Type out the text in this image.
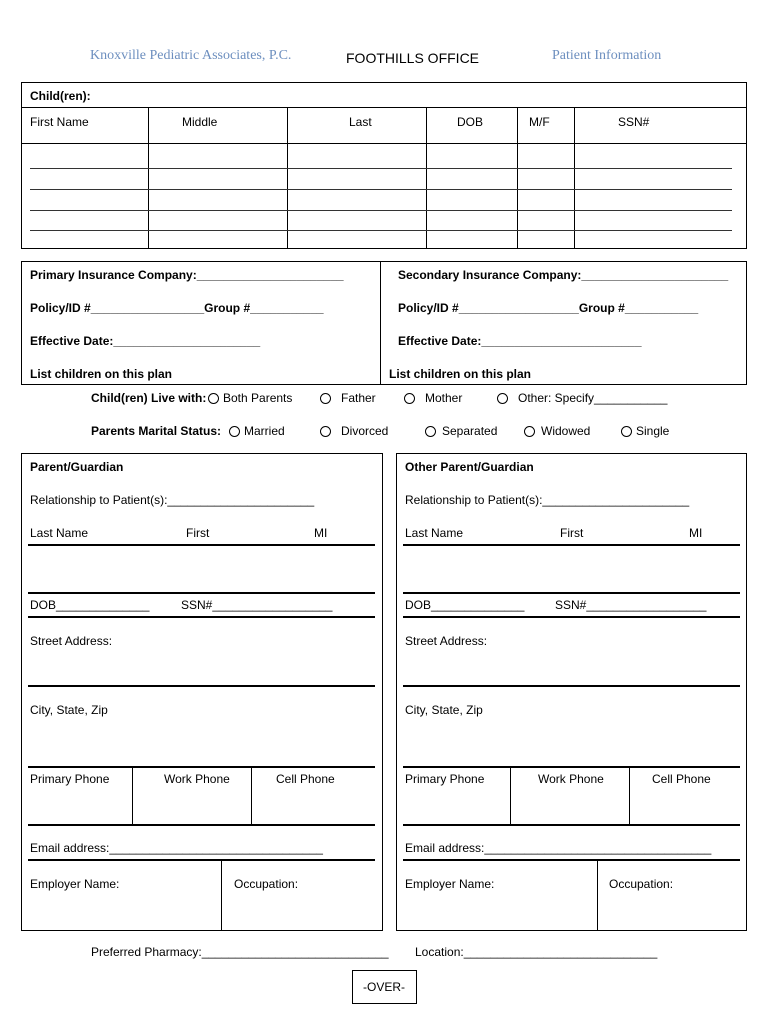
Knoxville Pediatric Associates, P.C.	FOOTHILLS OFFICE	Patient Information
Child(ren):
First Name	Middle	Last	DOB	M/F	SSN#
Primary Insurance Company:______________________
Policy/ID #_________________Group #___________
Effective Date:______________________
List children on this plan
Secondary Insurance Company:______________________
Policy/ID #__________________Group #___________
Effective Date:________________________
List children on this plan
Child(ren) Live with:	Both Parents	Father	Mother	Other: Specify___________
Parents Marital Status:	Married	Divorced	Separated	Widowed	Single
Parent/Guardian
Relationship to Patient(s):______________________
Last Name	First	MI
DOB______________	SSN#__________________
Street Address:
City, State, Zip
Primary Phone	Work Phone	Cell Phone
Email address:________________________________
Employer Name:	Occupation:
Other Parent/Guardian
Relationship to Patient(s):______________________
Last Name	First	MI
DOB______________	SSN#__________________
Street Address:
City, State, Zip
Primary Phone	Work Phone	Cell Phone
Email address:__________________________________
Employer Name:	Occupation:
Preferred Pharmacy:____________________________ Location:_____________________________
-OVER-
